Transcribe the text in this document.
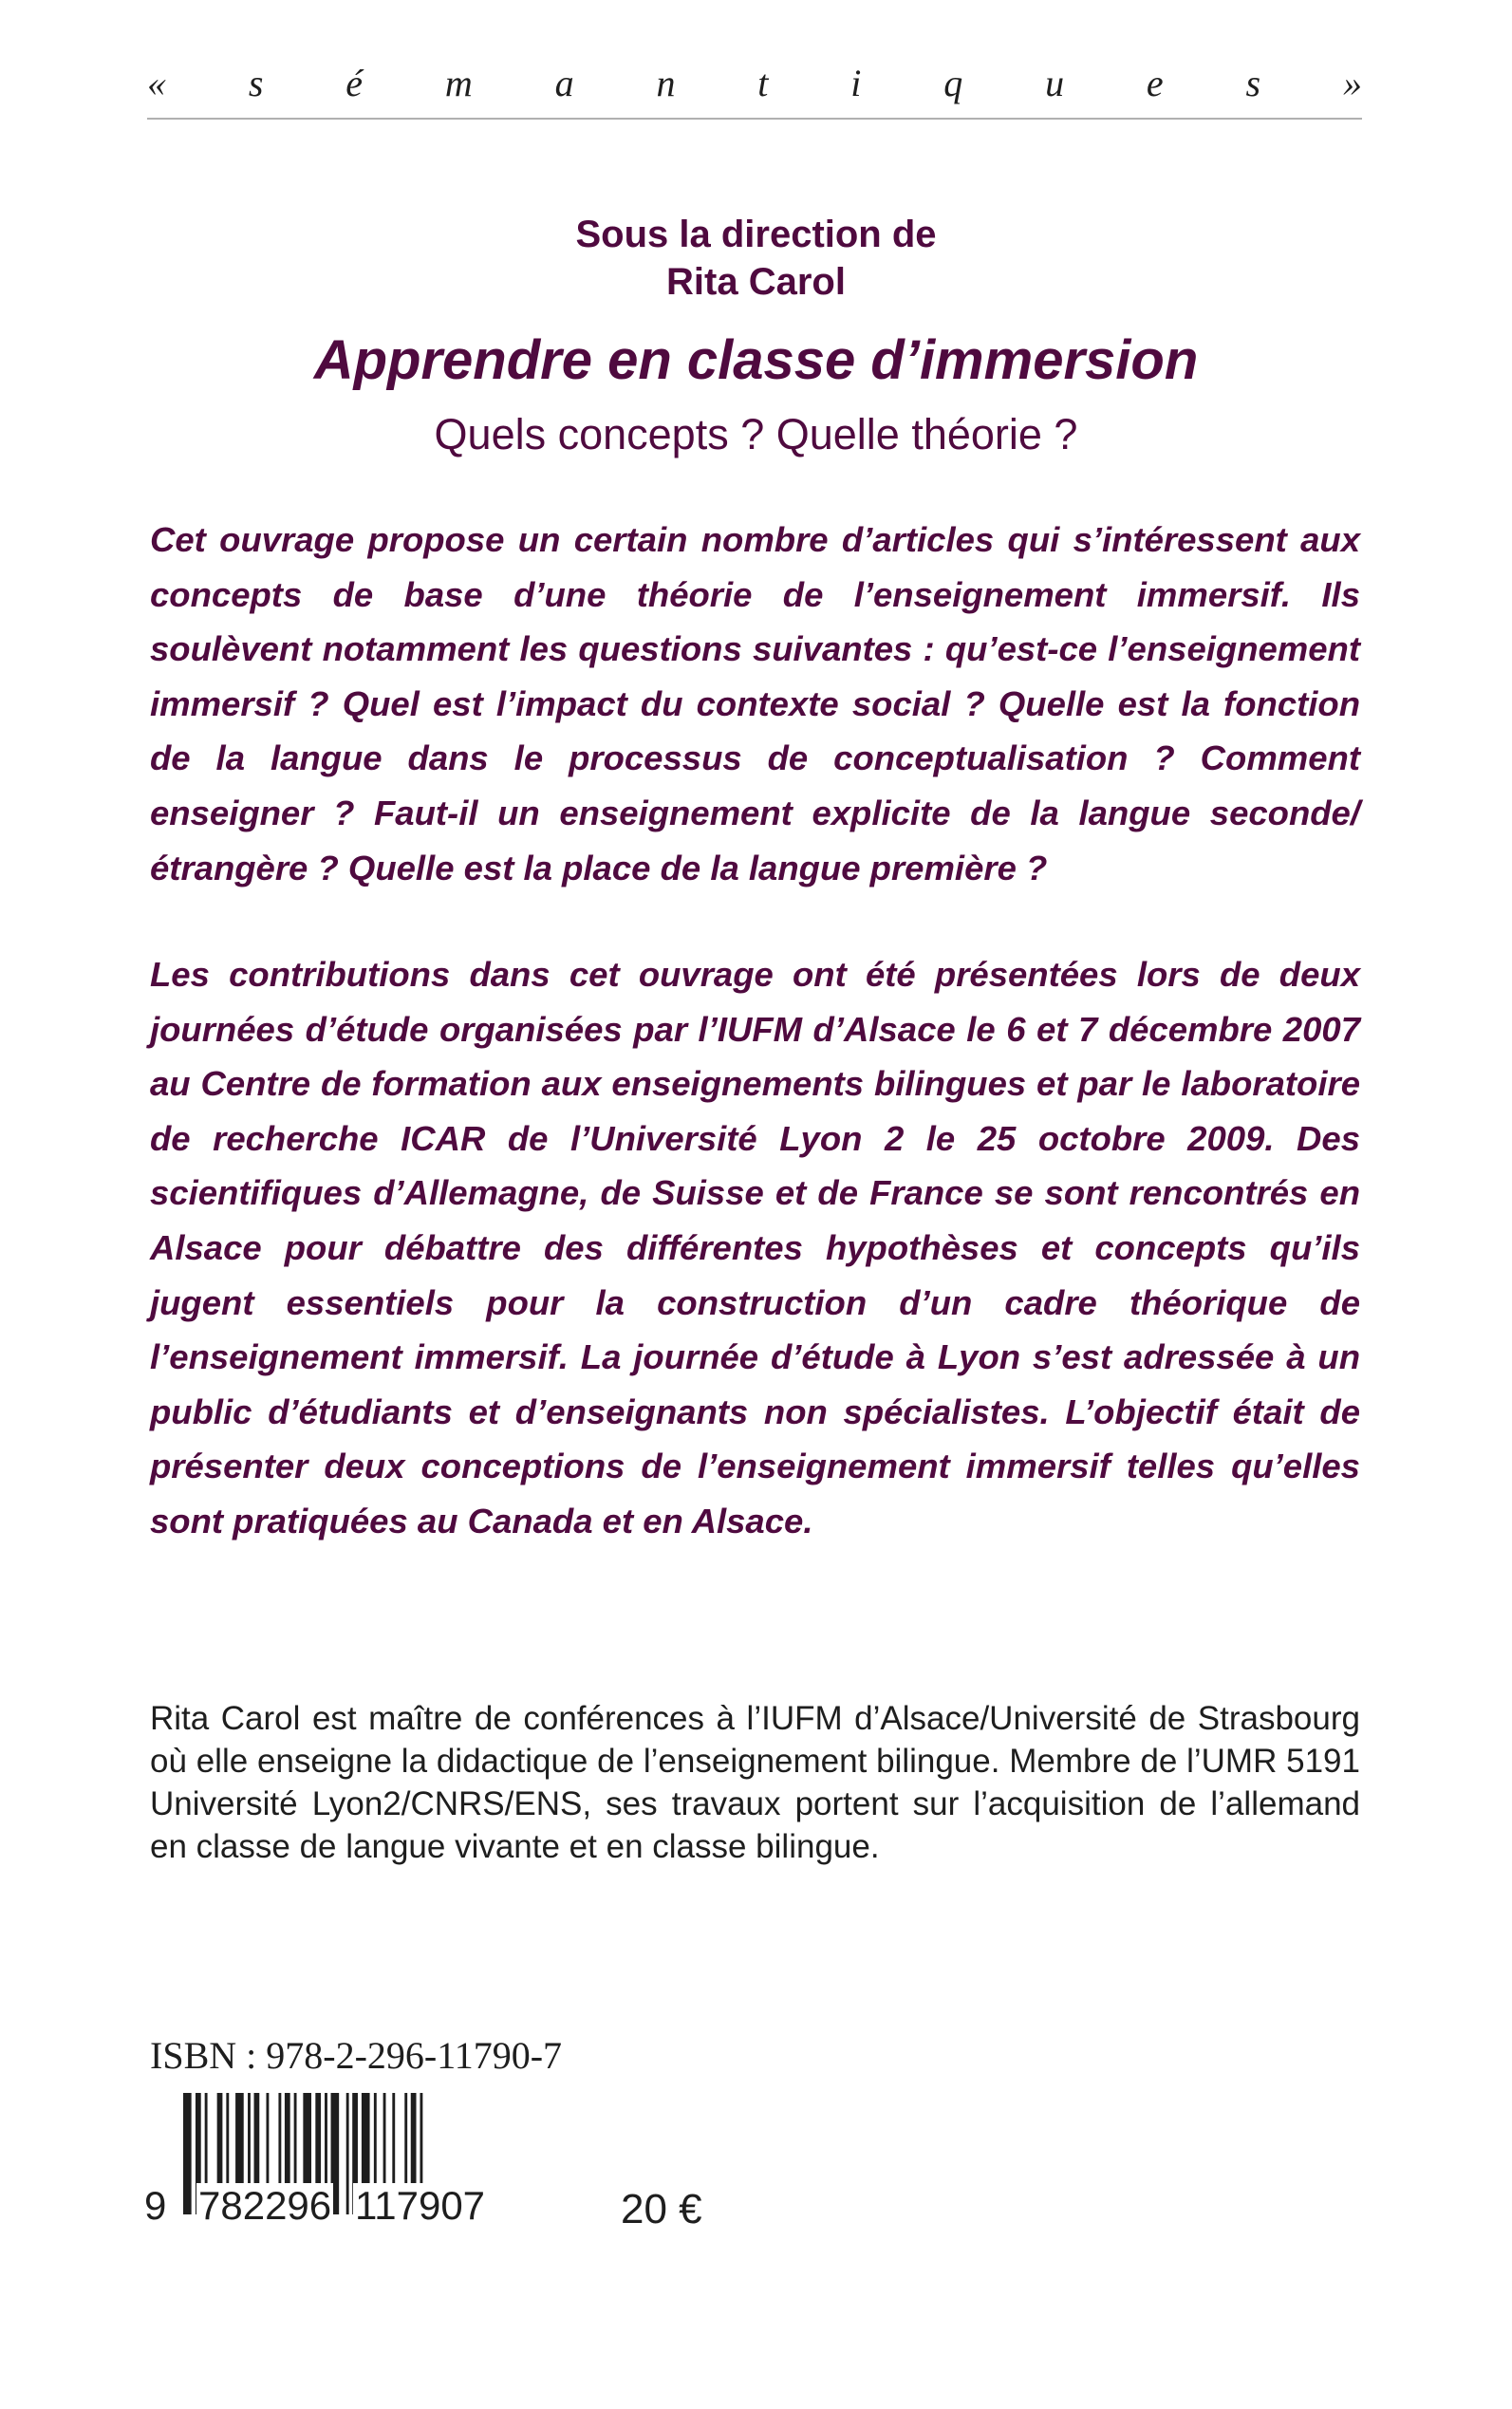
« s é m a n t i q u e s »
Sous la direction de
Rita Carol
Apprendre en classe d’immersion
Quels concepts ? Quelle théorie ?

Cet ouvrage propose un certain nombre d’articles qui s’intéressent aux concepts de base d’une théorie de l’enseignement immersif. Ils soulèvent notamment les questions suivantes : qu’est-ce l’enseignement immersif ? Quel est l’impact du contexte social ? Quelle est la fonction de la langue dans le processus de conceptualisation ? Comment enseigner ? Faut-il un enseignement explicite de la langue seconde/étrangère ? Quelle est la place de la langue première ?

Les contributions dans cet ouvrage ont été présentées lors de deux journées d’étude organisées par l’IUFM d’Alsace le 6 et 7 décembre 2007 au Centre de formation aux enseignements bilingues et par le laboratoire de recherche ICAR de l’Université Lyon 2 le 25 octobre 2009. Des scientifiques d’Allemagne, de Suisse et de France se sont rencontrés en Alsace pour débattre des différentes hypothèses et concepts qu’ils jugent essentiels pour la construction d’un cadre théorique de l’enseignement immersif. La journée d’étude à Lyon s’est adressée à un public d’étudiants et d’enseignants non spécialistes. L’objectif était de présenter deux conceptions de l’enseignement immersif telles qu’elles sont pratiquées au Canada et en Alsace.

Rita Carol est maître de conférences à l’IUFM d’Alsace/Université de Strasbourg où elle enseigne la didactique de l’enseignement bilingue. Membre de l’UMR 5191 Université Lyon2/CNRS/ENS, ses travaux portent sur l’acquisition de l’allemand en classe de langue vivante et en classe bilingue.

ISBN : 978-2-296-11790-7
9 782296 117907	20 €
